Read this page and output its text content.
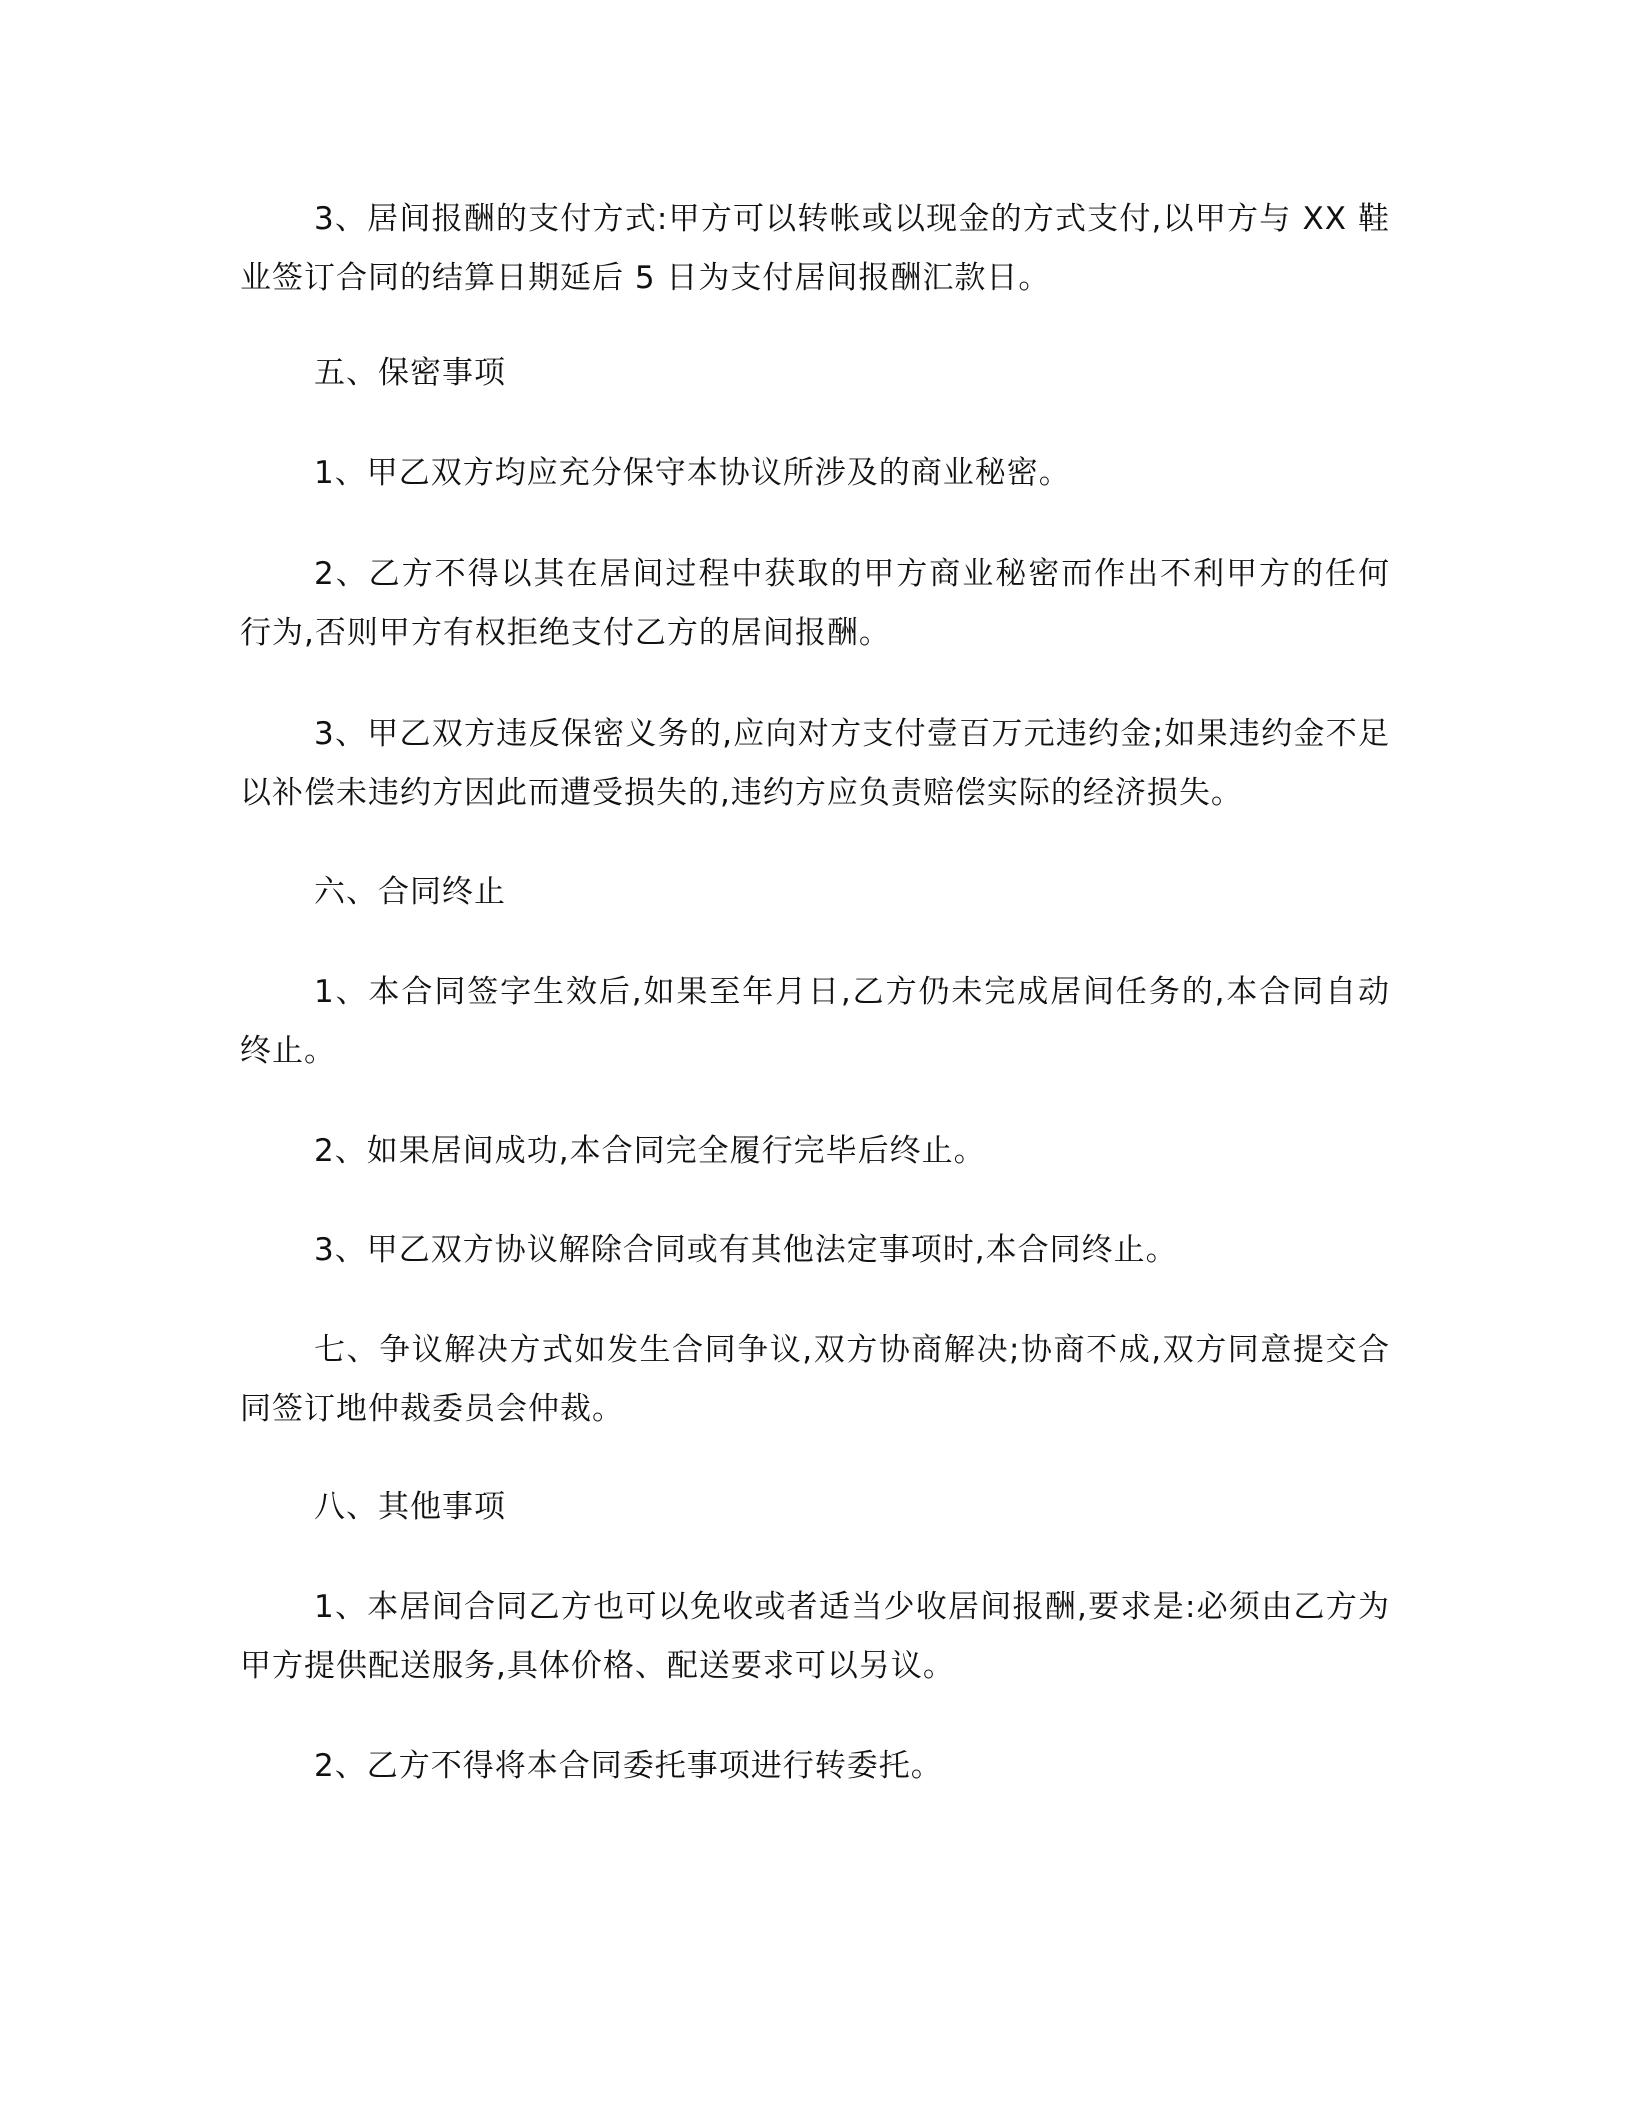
3、居间报酬的支付方式:甲方可以转帐或以现金的方式支付,以甲方与 XX 鞋业签订合同的结算日期延后 5 日为支付居间报酬汇款日。

五、保密事项

1、甲乙双方均应充分保守本协议所涉及的商业秘密。

2、乙方不得以其在居间过程中获取的甲方商业秘密而作出不利甲方的任何行为,否则甲方有权拒绝支付乙方的居间报酬。

3、甲乙双方违反保密义务的,应向对方支付壹百万元违约金;如果违约金不足以补偿未违约方因此而遭受损失的,违约方应负责赔偿实际的经济损失。

六、合同终止

1、本合同签字生效后,如果至年月日,乙方仍未完成居间任务的,本合同自动终止。

2、如果居间成功,本合同完全履行完毕后终止。

3、甲乙双方协议解除合同或有其他法定事项时,本合同终止。

七、争议解决方式如发生合同争议,双方协商解决;协商不成,双方同意提交合同签订地仲裁委员会仲裁。

八、其他事项

1、本居间合同乙方也可以免收或者适当少收居间报酬,要求是:必须由乙方为甲方提供配送服务,具体价格、配送要求可以另议。

2、乙方不得将本合同委托事项进行转委托。
